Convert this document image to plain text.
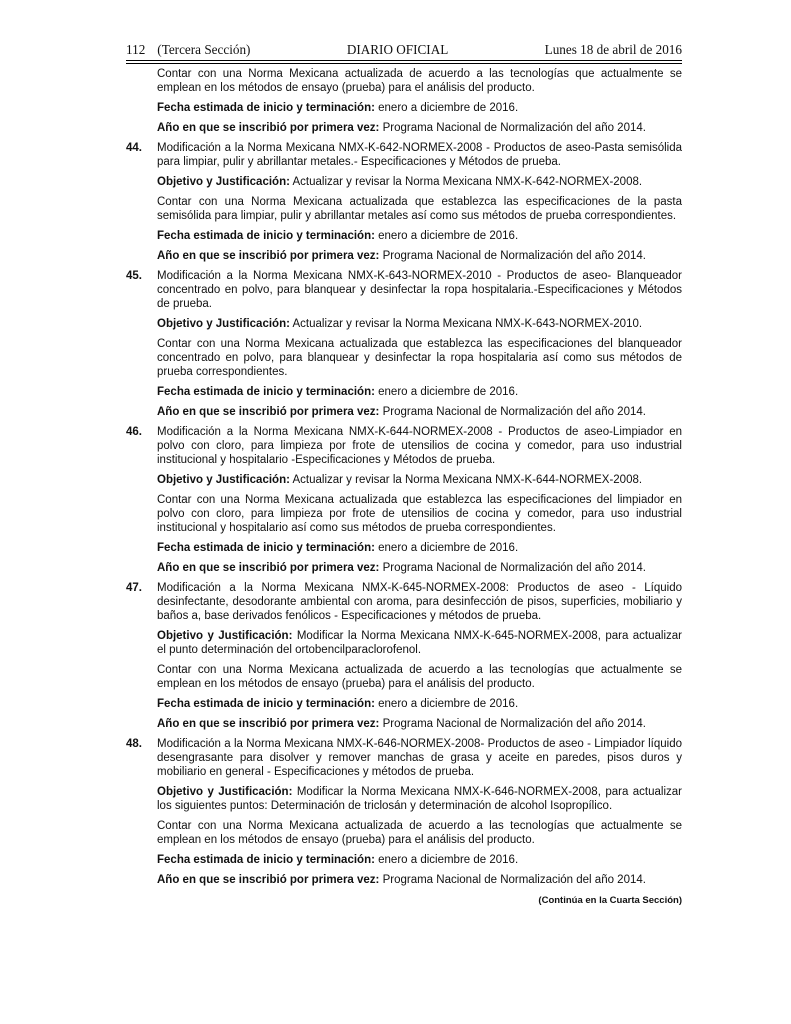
112 (Tercera Sección)	DIARIO OFICIAL	Lunes 18 de abril de 2016

Contar con una Norma Mexicana actualizada de acuerdo a las tecnologías que actualmente se emplean en los métodos de ensayo (prueba) para el análisis del producto.

Fecha estimada de inicio y terminación: enero a diciembre de 2016.

Año en que se inscribió por primera vez: Programa Nacional de Normalización del año 2014.

44. Modificación a la Norma Mexicana NMX-K-642-NORMEX-2008 - Productos de aseo-Pasta semisólida para limpiar, pulir y abrillantar metales.- Especificaciones y Métodos de prueba.

Objetivo y Justificación: Actualizar y revisar la Norma Mexicana NMX-K-642-NORMEX-2008.

Contar con una Norma Mexicana actualizada que establezca las especificaciones de la pasta semisólida para limpiar, pulir y abrillantar metales así como sus métodos de prueba correspondientes.

Fecha estimada de inicio y terminación: enero a diciembre de 2016.

Año en que se inscribió por primera vez: Programa Nacional de Normalización del año 2014.

45. Modificación a la Norma Mexicana NMX-K-643-NORMEX-2010 - Productos de aseo- Blanqueador concentrado en polvo, para blanquear y desinfectar la ropa hospitalaria.-Especificaciones y Métodos de prueba.

Objetivo y Justificación: Actualizar y revisar la Norma Mexicana NMX-K-643-NORMEX-2010.

Contar con una Norma Mexicana actualizada que establezca las especificaciones del blanqueador concentrado en polvo, para blanquear y desinfectar la ropa hospitalaria así como sus métodos de prueba correspondientes.

Fecha estimada de inicio y terminación: enero a diciembre de 2016.

Año en que se inscribió por primera vez: Programa Nacional de Normalización del año 2014.

46. Modificación a la Norma Mexicana NMX-K-644-NORMEX-2008 - Productos de aseo-Limpiador en polvo con cloro, para limpieza por frote de utensilios de cocina y comedor, para uso industrial institucional y hospitalario -Especificaciones y Métodos de prueba.

Objetivo y Justificación: Actualizar y revisar la Norma Mexicana NMX-K-644-NORMEX-2008.

Contar con una Norma Mexicana actualizada que establezca las especificaciones del limpiador en polvo con cloro, para limpieza por frote de utensilios de cocina y comedor, para uso industrial institucional y hospitalario así como sus métodos de prueba correspondientes.

Fecha estimada de inicio y terminación: enero a diciembre de 2016.

Año en que se inscribió por primera vez: Programa Nacional de Normalización del año 2014.

47. Modificación a la Norma Mexicana NMX-K-645-NORMEX-2008: Productos de aseo - Líquido desinfectante, desodorante ambiental con aroma, para desinfección de pisos, superficies, mobiliario y baños a, base derivados fenólicos - Especificaciones y métodos de prueba.

Objetivo y Justificación: Modificar la Norma Mexicana NMX-K-645-NORMEX-2008, para actualizar el punto determinación del ortobencilparaclorofenol.

Contar con una Norma Mexicana actualizada de acuerdo a las tecnologías que actualmente se emplean en los métodos de ensayo (prueba) para el análisis del producto.

Fecha estimada de inicio y terminación: enero a diciembre de 2016.

Año en que se inscribió por primera vez: Programa Nacional de Normalización del año 2014.

48. Modificación a la Norma Mexicana NMX-K-646-NORMEX-2008- Productos de aseo - Limpiador líquido desengrasante para disolver y remover manchas de grasa y aceite en paredes, pisos duros y mobiliario en general - Especificaciones y métodos de prueba.

Objetivo y Justificación: Modificar la Norma Mexicana NMX-K-646-NORMEX-2008, para actualizar los siguientes puntos: Determinación de triclosán y determinación de alcohol Isopropílico.

Contar con una Norma Mexicana actualizada de acuerdo a las tecnologías que actualmente se emplean en los métodos de ensayo (prueba) para el análisis del producto.

Fecha estimada de inicio y terminación: enero a diciembre de 2016.

Año en que se inscribió por primera vez: Programa Nacional de Normalización del año 2014.

(Continúa en la Cuarta Sección)
